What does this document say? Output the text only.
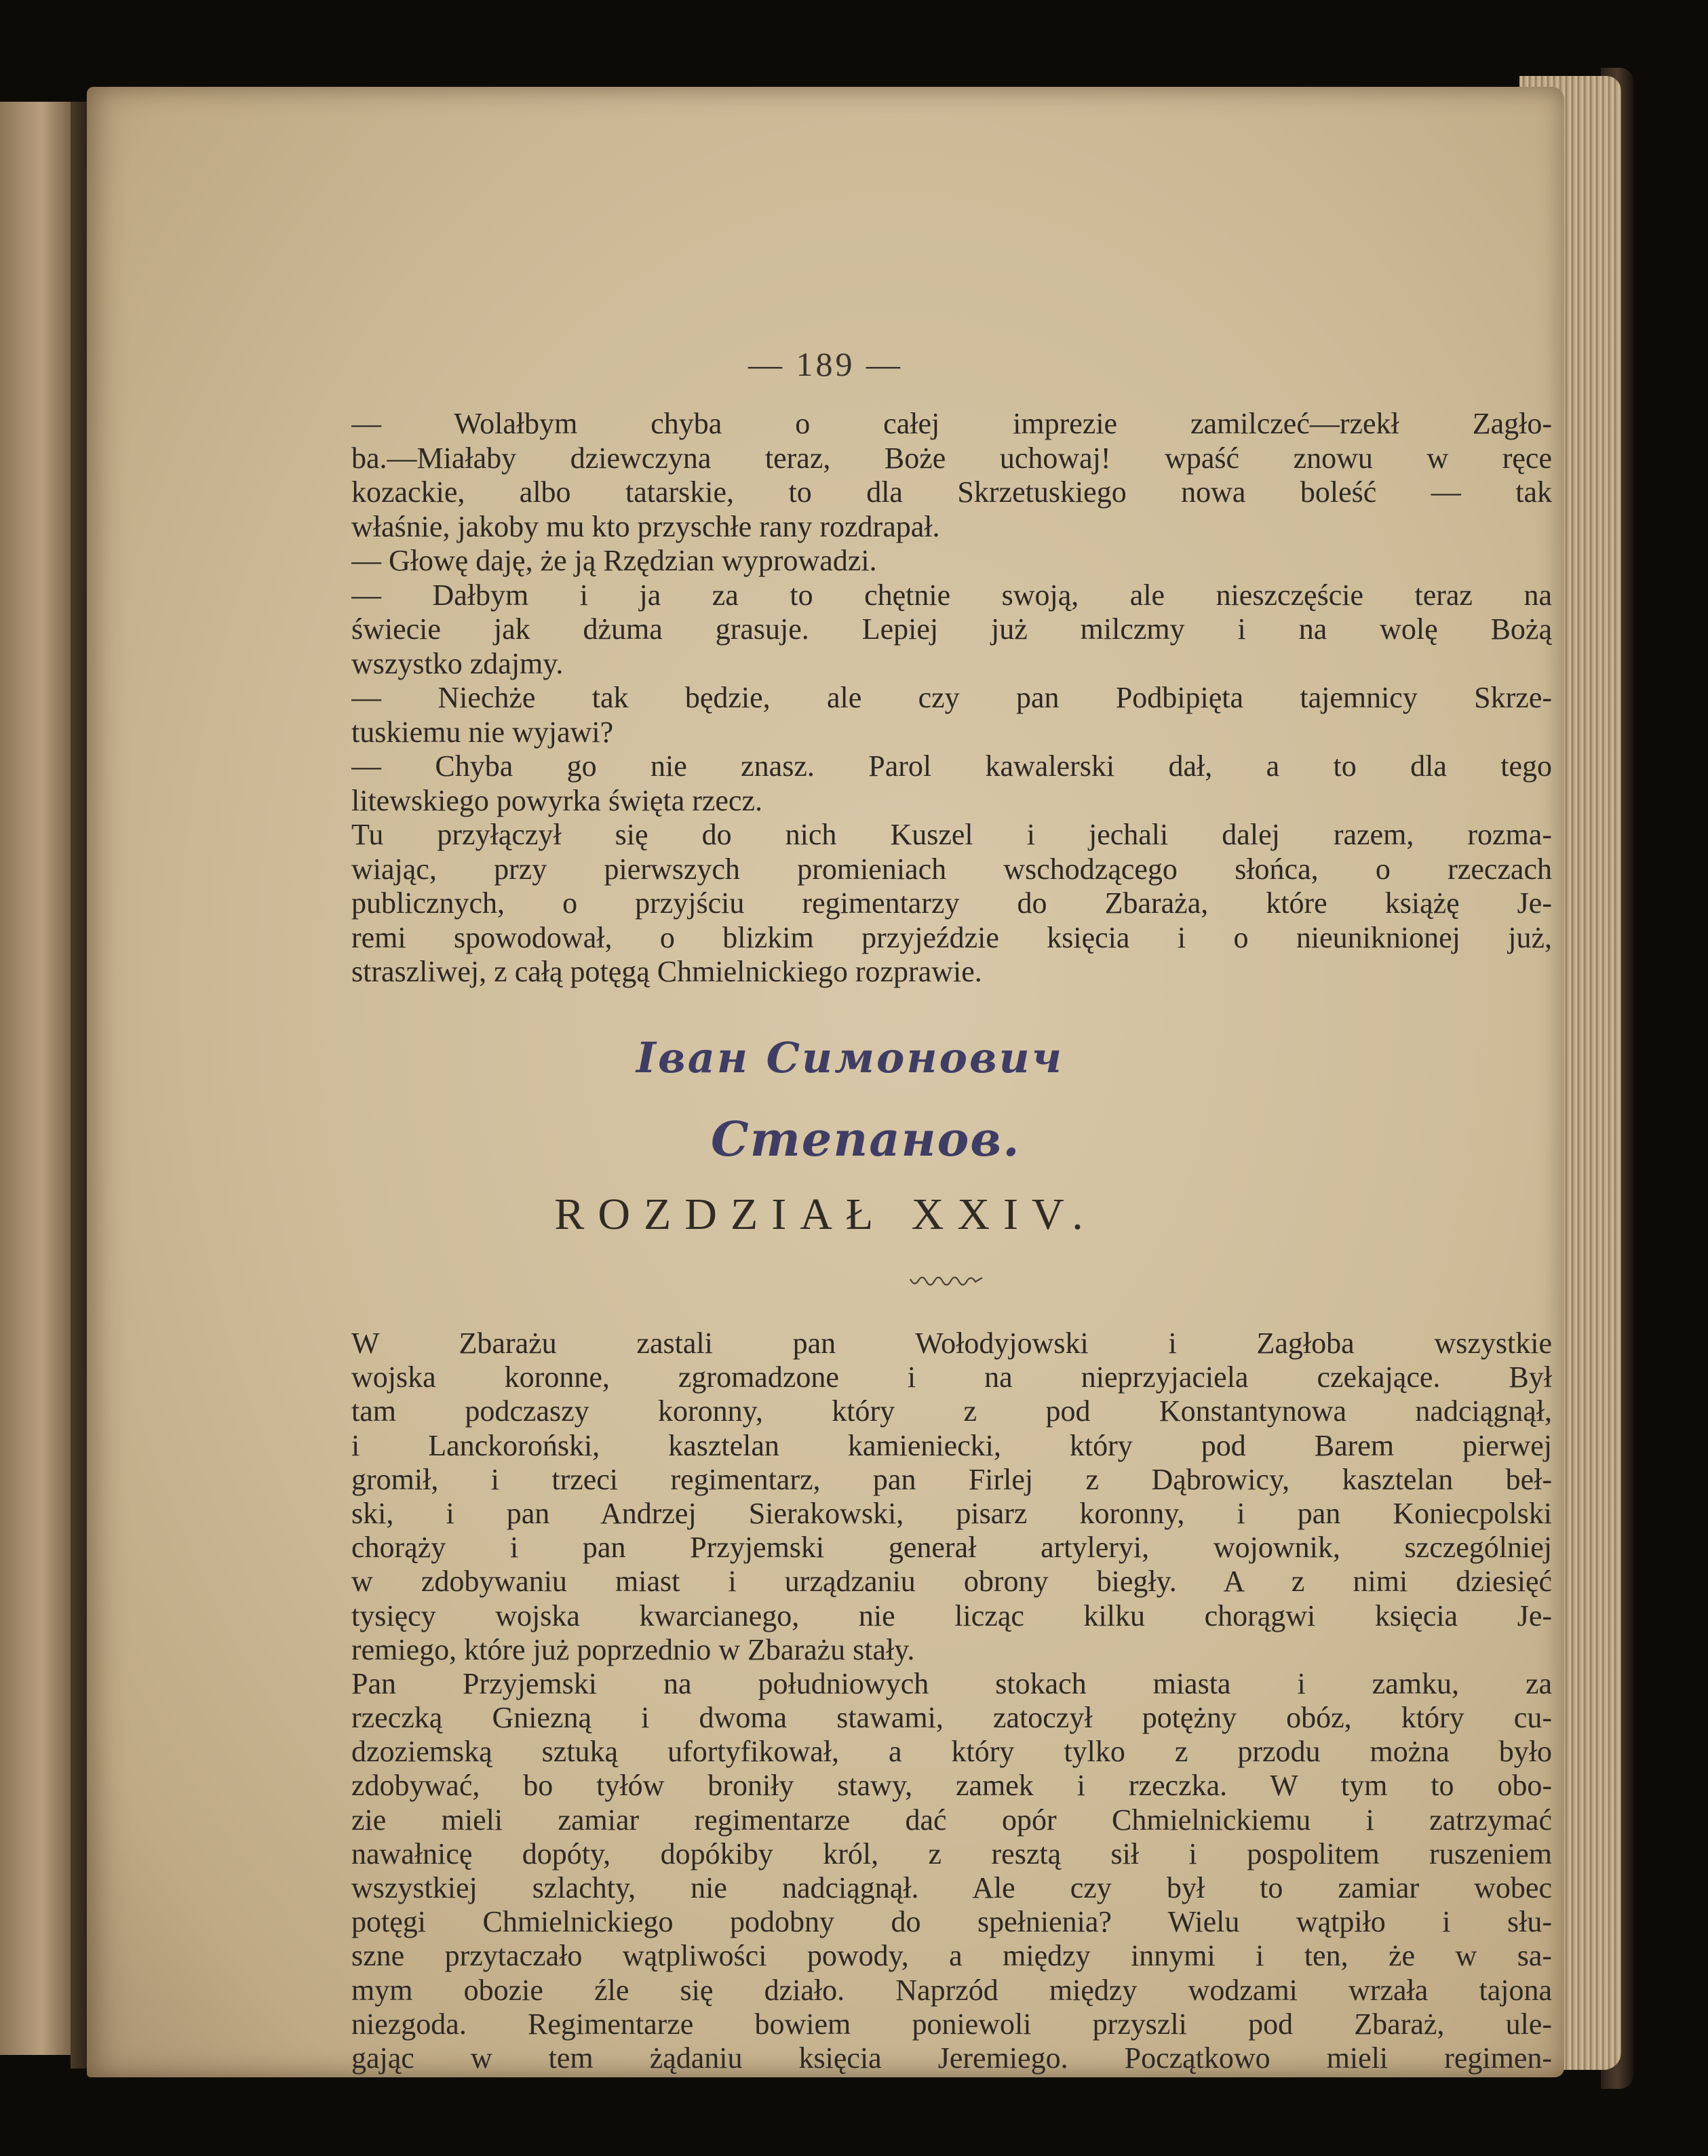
— 189 —
— Wolałbym chyba o całej imprezie zamilczeć—rzekł Zagło-
ba.—Miałaby dziewczyna teraz, Boże uchowaj! wpaść znowu w ręce
kozackie, albo tatarskie, to dla Skrzetuskiego nowa boleść — tak
właśnie, jakoby mu kto przyschłe rany rozdrapał.
— Głowę daję, że ją Rzędzian wyprowadzi.
— Dałbym i ja za to chętnie swoją, ale nieszczęście teraz na
świecie jak dżuma grasuje. Lepiej już milczmy i na wolę Bożą
wszystko zdajmy.
— Niechże tak będzie, ale czy pan Podbipięta tajemnicy Skrze-
tuskiemu nie wyjawi?
— Chyba go nie znasz. Parol kawalerski dał, a to dla tego
litewskiego powyrka święta rzecz.
Tu przyłączył się do nich Kuszel i jechali dalej razem, rozma-
wiając, przy pierwszych promieniach wschodzącego słońca, o rzeczach
publicznych, o przyjściu regimentarzy do Zbaraża, które książę Je-
remi spowodował, o blizkim przyjeździe księcia i o nieuniknionej już,
straszliwej, z całą potęgą Chmielnickiego rozprawie.
Іван Симонович
Степанов.
ROZDZIAŁ XXIV.
W Zbarażu zastali pan Wołodyjowski i Zagłoba wszystkie
wojska koronne, zgromadzone i na nieprzyjaciela czekające. Był
tam podczaszy koronny, który z pod Konstantynowa nadciągnął,
i Lanckoroński, kasztelan kamieniecki, który pod Barem pierwej
gromił, i trzeci regimentarz, pan Firlej z Dąbrowicy, kasztelan beł-
ski, i pan Andrzej Sierakowski, pisarz koronny, i pan Koniecpolski
chorąży i pan Przyjemski generał artyleryi, wojownik, szczególniej
w zdobywaniu miast i urządzaniu obrony biegły. A z nimi dziesięć
tysięcy wojska kwarcianego, nie licząc kilku chorągwi księcia Je-
remiego, które już poprzednio w Zbarażu stały.
Pan Przyjemski na południowych stokach miasta i zamku, za
rzeczką Gniezną i dwoma stawami, zatoczył potężny obóz, który cu-
dzoziemską sztuką ufortyfikował, a który tylko z przodu można było
zdobywać, bo tyłów broniły stawy, zamek i rzeczka. W tym to obo-
zie mieli zamiar regimentarze dać opór Chmielnickiemu i zatrzymać
nawałnicę dopóty, dopókiby król, z resztą sił i pospolitem ruszeniem
wszystkiej szlachty, nie nadciągnął. Ale czy był to zamiar wobec
potęgi Chmielnickiego podobny do spełnienia? Wielu wątpiło i słu-
szne przytaczało wątpliwości powody, a między innymi i ten, że w sa-
mym obozie źle się działo. Naprzód między wodzami wrzała tajona
niezgoda. Regimentarze bowiem poniewoli przyszli pod Zbaraż, ule-
gając w tem żądaniu księcia Jeremiego. Początkowo mieli regimen-
